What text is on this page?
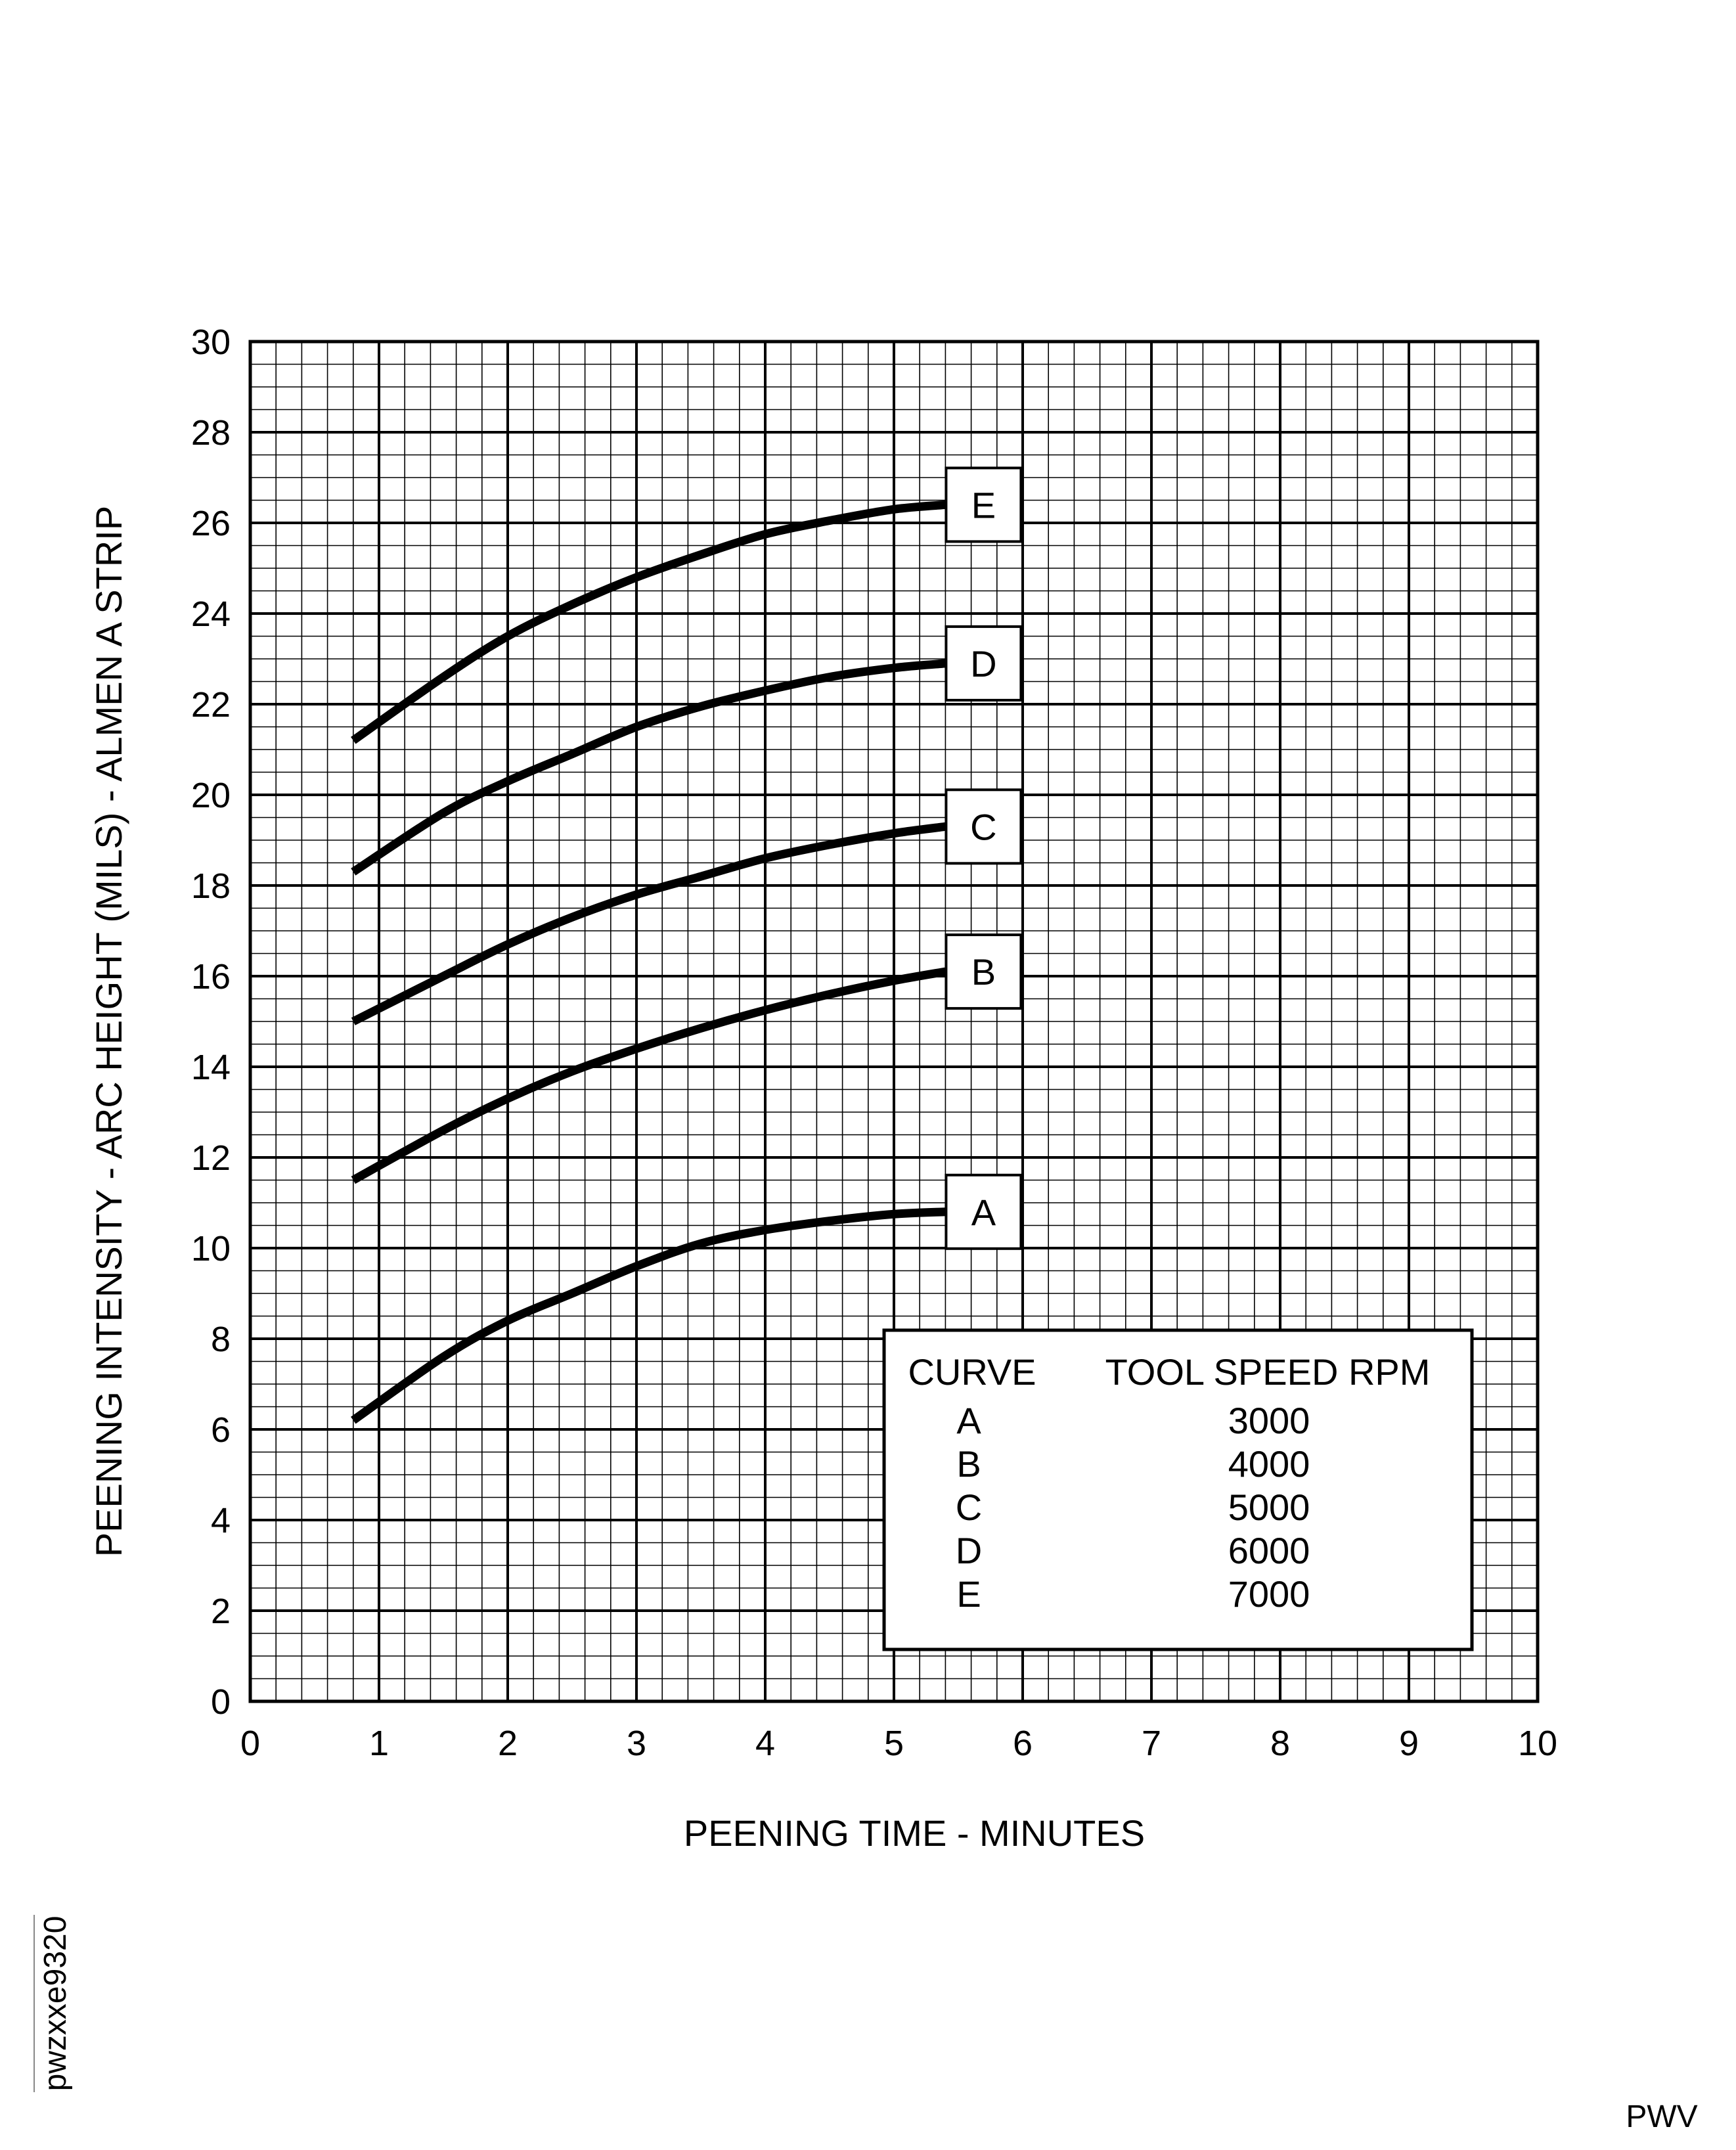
A
B
C
D
E
0	1	2	3	4	5	6	7	8	9	10
0
2
4
6
8
10
12
14
16
18
20
22
24
26
28
30
PEENING TIME - MINUTES
PEENING INTENSITY - ARC HEIGHT (MILS) - ALMEN A STRIP	CURVE TOOL SPEED RPM
A	3000
B	4000
C	5000
D	6000
E	7000
pwzxxe9320
PWV
